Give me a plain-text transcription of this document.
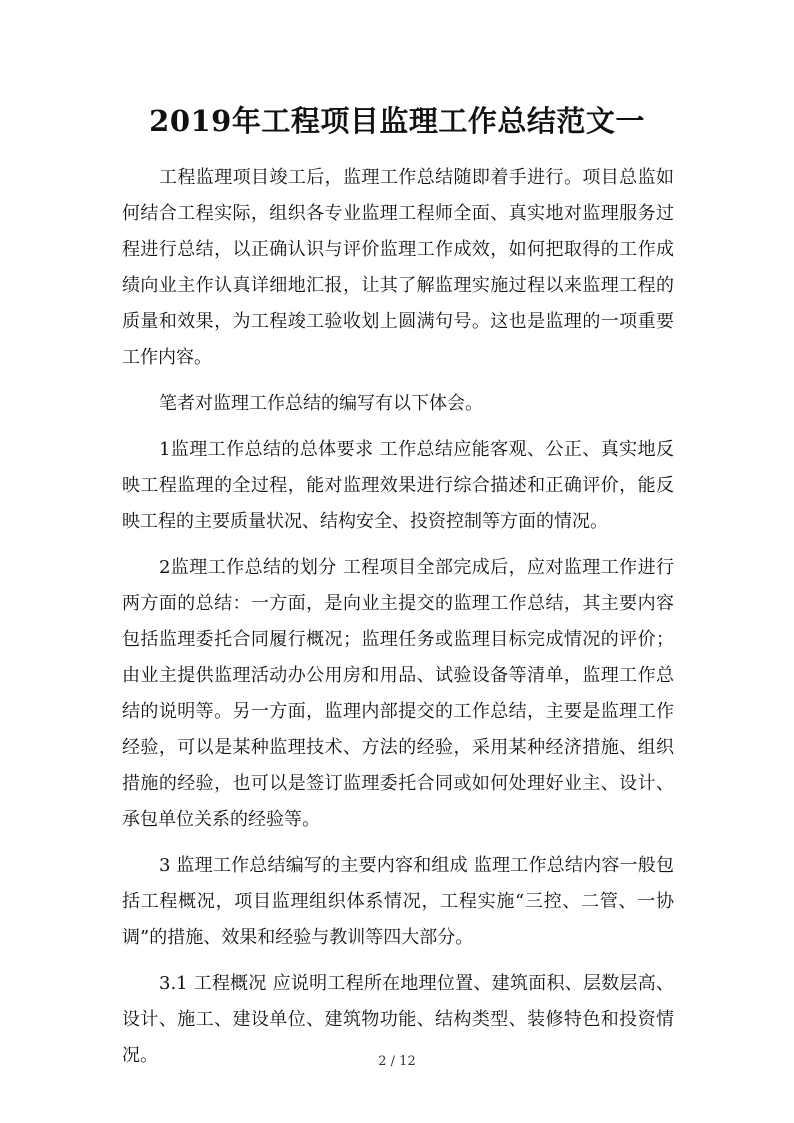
2019年工程项目监理工作总结范文一

工程监理项目竣工后，监理工作总结随即着手进行。项目总监如何结合工程实际，组织各专业监理工程师全面、真实地对监理服务过程进行总结，以正确认识与评价监理工作成效，如何把取得的工作成绩向业主作认真详细地汇报，让其了解监理实施过程以来监理工程的质量和效果，为工程竣工验收划上圆满句号。这也是监理的一项重要工作内容。

笔者对监理工作总结的编写有以下体会。

1监理工作总结的总体要求 工作总结应能客观、公正、真实地反映工程监理的全过程，能对监理效果进行综合描述和正确评价，能反映工程的主要质量状况、结构安全、投资控制等方面的情况。

2监理工作总结的划分 工程项目全部完成后，应对监理工作进行两方面的总结：一方面，是向业主提交的监理工作总结，其主要内容包括监理委托合同履行概况；监理任务或监理目标完成情况的评价；由业主提供监理活动办公用房和用品、试验设备等清单，监理工作总结的说明等。另一方面，监理内部提交的工作总结，主要是监理工作经验，可以是某种监理技术、方法的经验，采用某种经济措施、组织措施的经验，也可以是签订监理委托合同或如何处理好业主、设计、承包单位关系的经验等。

3 监理工作总结编写的主要内容和组成 监理工作总结内容一般包括工程概况，项目监理组织体系情况，工程实施“三控、二管、一协调”的措施、效果和经验与教训等四大部分。

3.1 工程概况 应说明工程所在地理位置、建筑面积、层数层高、设计、施工、建设单位、建筑物功能、结构类型、装修特色和投资情况。	2 / 12
